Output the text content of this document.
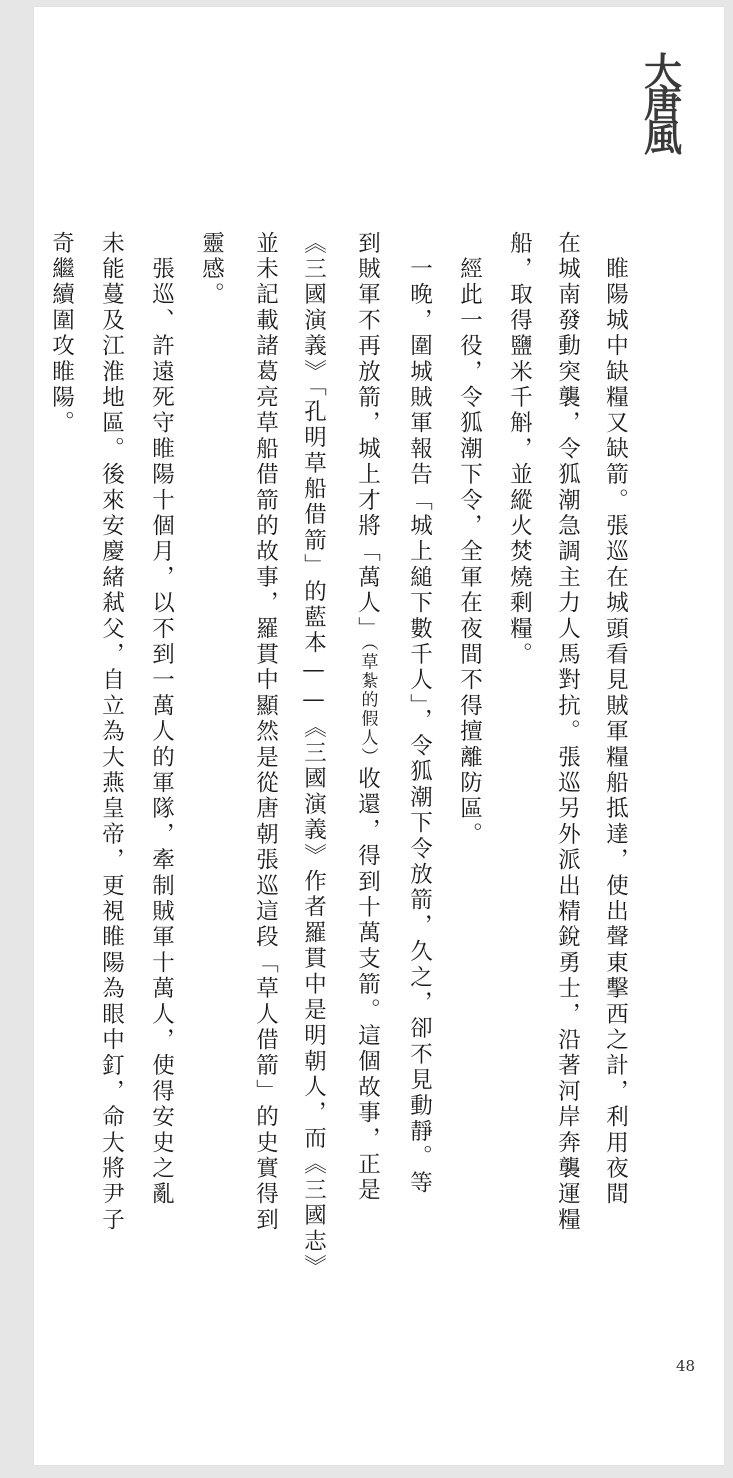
大
唐
風
　睢陽城中缺糧又缺箭。張巡在城頭看見賊軍糧船抵達，使出聲東擊西之計，利用夜間
在城南發動突襲，令狐潮急調主力人馬對抗。張巡另外派出精銳勇士，沿著河岸奔襲運糧
船，取得鹽米千斛，並縱火焚燒剩糧。
　經此一役，令狐潮下令，全軍在夜間不得擅離防區。
　一晚，圍城賊軍報告「城上縋下數千人」，令狐潮下令放箭，久之，卻不見動靜。等
到賊軍不再放箭，城上才將「萬人」（草紮的假人）收還，得到十萬支箭。這個故事，正是
《三國演義》「孔明草船借箭」的藍本——《三國演義》作者羅貫中是明朝人，而《三國志》
並未記載諸葛亮草船借箭的故事，羅貫中顯然是從唐朝張巡這段「草人借箭」的史實得到
靈感。
　張巡、許遠死守睢陽十個月，以不到一萬人的軍隊，牽制賊軍十萬人，使得安史之亂
未能蔓及江淮地區。後來安慶緒弒父，自立為大燕皇帝，更視睢陽為眼中釘，命大將尹子
奇繼續圍攻睢陽。
48
